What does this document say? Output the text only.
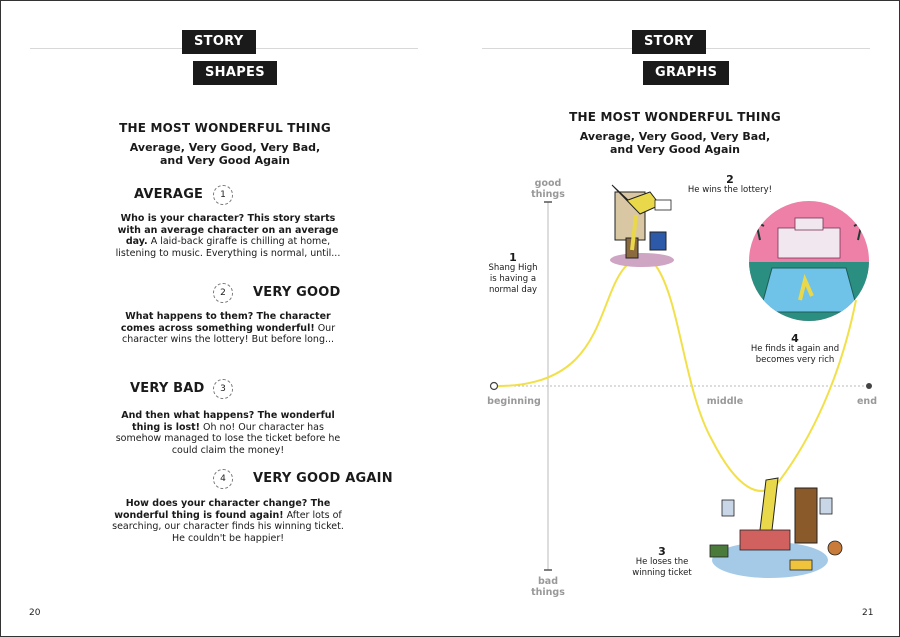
STORY
SHAPES
THE MOST WONDERFUL THING
Average, Very Good, Very Bad,
and Very Good Again
AVERAGE	1
Who is your character? This story starts with an average character on an average day. A laid-back giraffe is chilling at home, listening to music. Everything is normal, until...
2	VERY GOOD
What happens to them? The character comes across something wonderful! Our character wins the lottery! But before long...
VERY BAD	3
And then what happens? The wonderful thing is lost! Oh no! Our character has somehow managed to lose the ticket before he could claim the money!
4	VERY GOOD AGAIN
How does your character change? The wonderful thing is found again! After lots of searching, our character finds his winning ticket. He couldn't be happier!
20
STORY
GRAPHS
THE MOST WONDERFUL THING
Average, Very Good, Very Bad,
and Very Good Again
good
things
bad
things
beginning	middle	end
1
Shang High
is having a
normal day
2
He wins the lottery!
3
He loses the
winning ticket
4
He finds it again and
becomes very rich
21
